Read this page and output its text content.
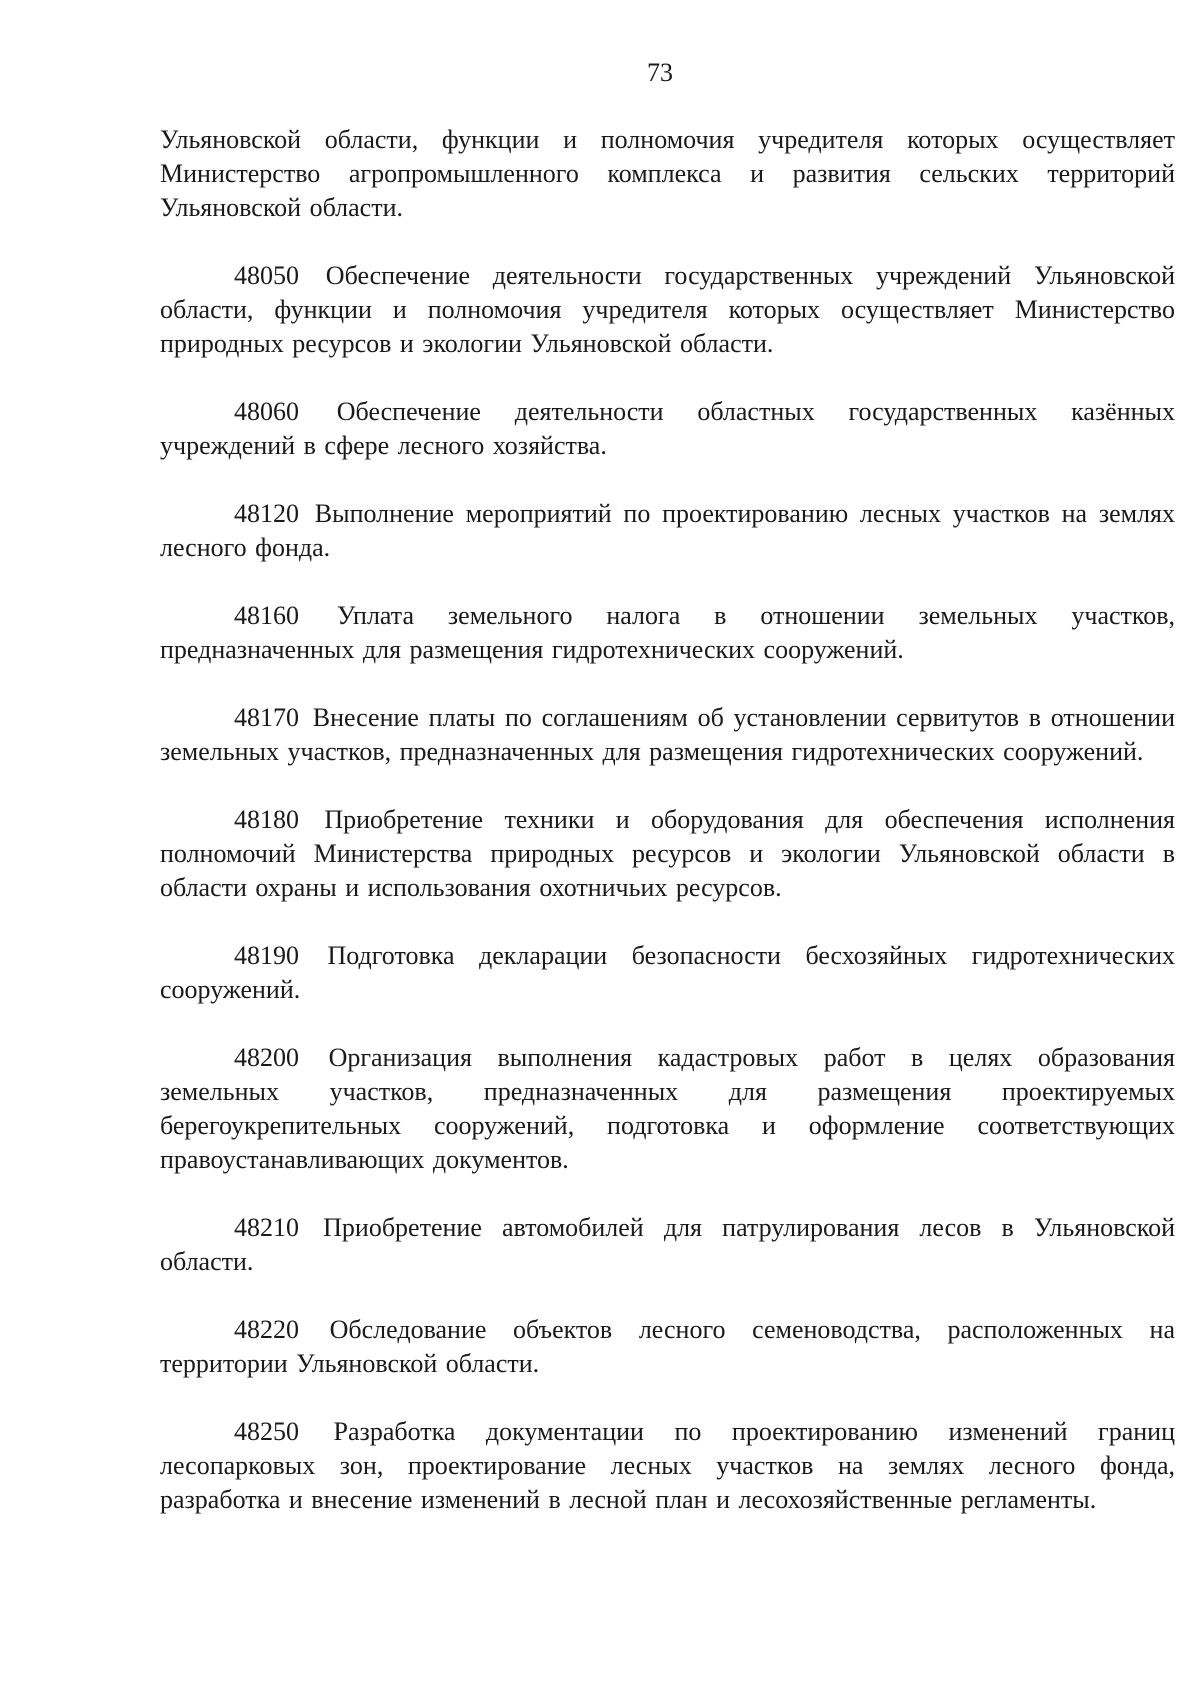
73

Ульяновской области, функции и полномочия учредителя которых осуществляет Министерство агропромышленного комплекса и развития сельских территорий Ульяновской области.

48050 Обеспечение деятельности государственных учреждений Ульяновской области, функции и полномочия учредителя которых осуществляет Министерство природных ресурсов и экологии Ульяновской области.

48060 Обеспечение деятельности областных государственных казённых учреждений в сфере лесного хозяйства.

48120 Выполнение мероприятий по проектированию лесных участков на землях лесного фонда.

48160 Уплата земельного налога в отношении земельных участков, предназначенных для размещения гидротехнических сооружений.

48170 Внесение платы по соглашениям об установлении сервитутов в отношении земельных участков, предназначенных для размещения гидротехнических сооружений.

48180 Приобретение техники и оборудования для обеспечения исполнения полномочий Министерства природных ресурсов и экологии Ульяновской области в области охраны и использования охотничьих ресурсов.

48190 Подготовка декларации безопасности бесхозяйных гидротехнических сооружений.

48200 Организация выполнения кадастровых работ в целях образования земельных участков, предназначенных для размещения проектируемых берегоукрепительных сооружений, подготовка и оформление соответствующих правоустанавливающих документов.

48210 Приобретение автомобилей для патрулирования лесов в Ульяновской области.

48220 Обследование объектов лесного семеноводства, расположенных на территории Ульяновской области.

48250 Разработка документации по проектированию изменений границ лесопарковых зон, проектирование лесных участков на землях лесного фонда, разработка и внесение изменений в лесной план и лесохозяйственные регламенты.
